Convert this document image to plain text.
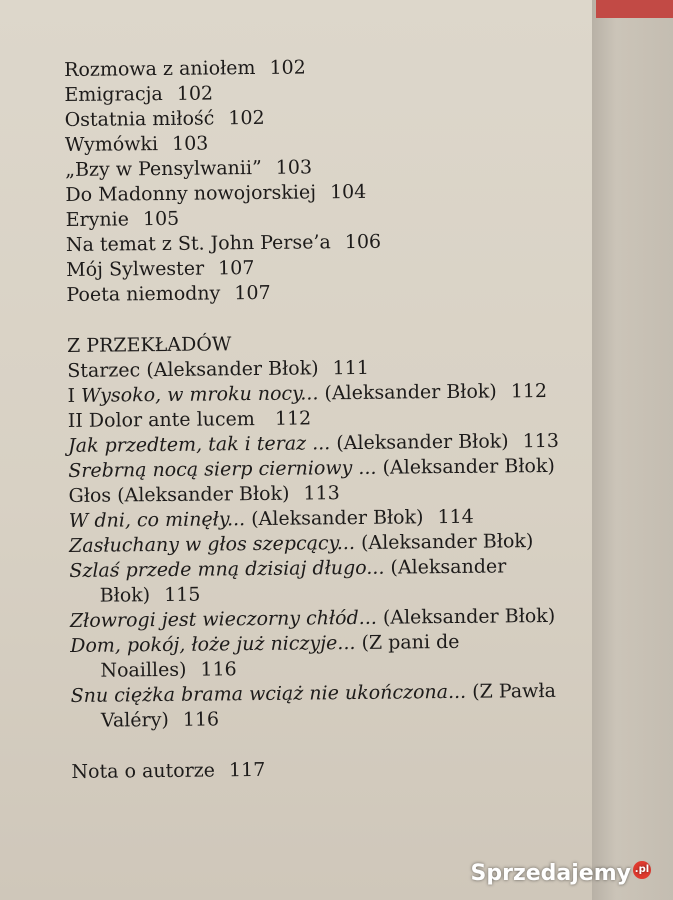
Rozmowa z aniołem 102
Emigracja 102
Ostatnia miłość 102
Wymówki 103
„Bzy w Pensylwanii” 103
Do Madonny nowojorskiej 104
Erynie 105
Na temat z St. John Perse’a 106
Mój Sylwester 107
Poeta niemodny 107
Z PRZEKŁADÓW
Starzec (Aleksander Błok) 111
I Wysoko, w mroku nocy... (Aleksander Błok) 112
II Dolor ante lucem 112
Jak przedtem, tak i teraz ... (Aleksander Błok) 113
Srebrną nocą sierp cierniowy ... (Aleksander Błok)
Głos (Aleksander Błok) 113
W dni, co minęły... (Aleksander Błok) 114
Zasłuchany w głos szepcący... (Aleksander Błok)
Szlaś przede mną dzisiaj długo... (Aleksander
Błok) 115
Złowrogi jest wieczorny chłód... (Aleksander Błok)
Dom, pokój, łoże już niczyje... (Z pani de
Noailles) 116
Snu ciężka brama wciąż nie ukończona... (Z Pawła
Valéry) 116
Nota o autorze 117
Sprzedajemy .pl
